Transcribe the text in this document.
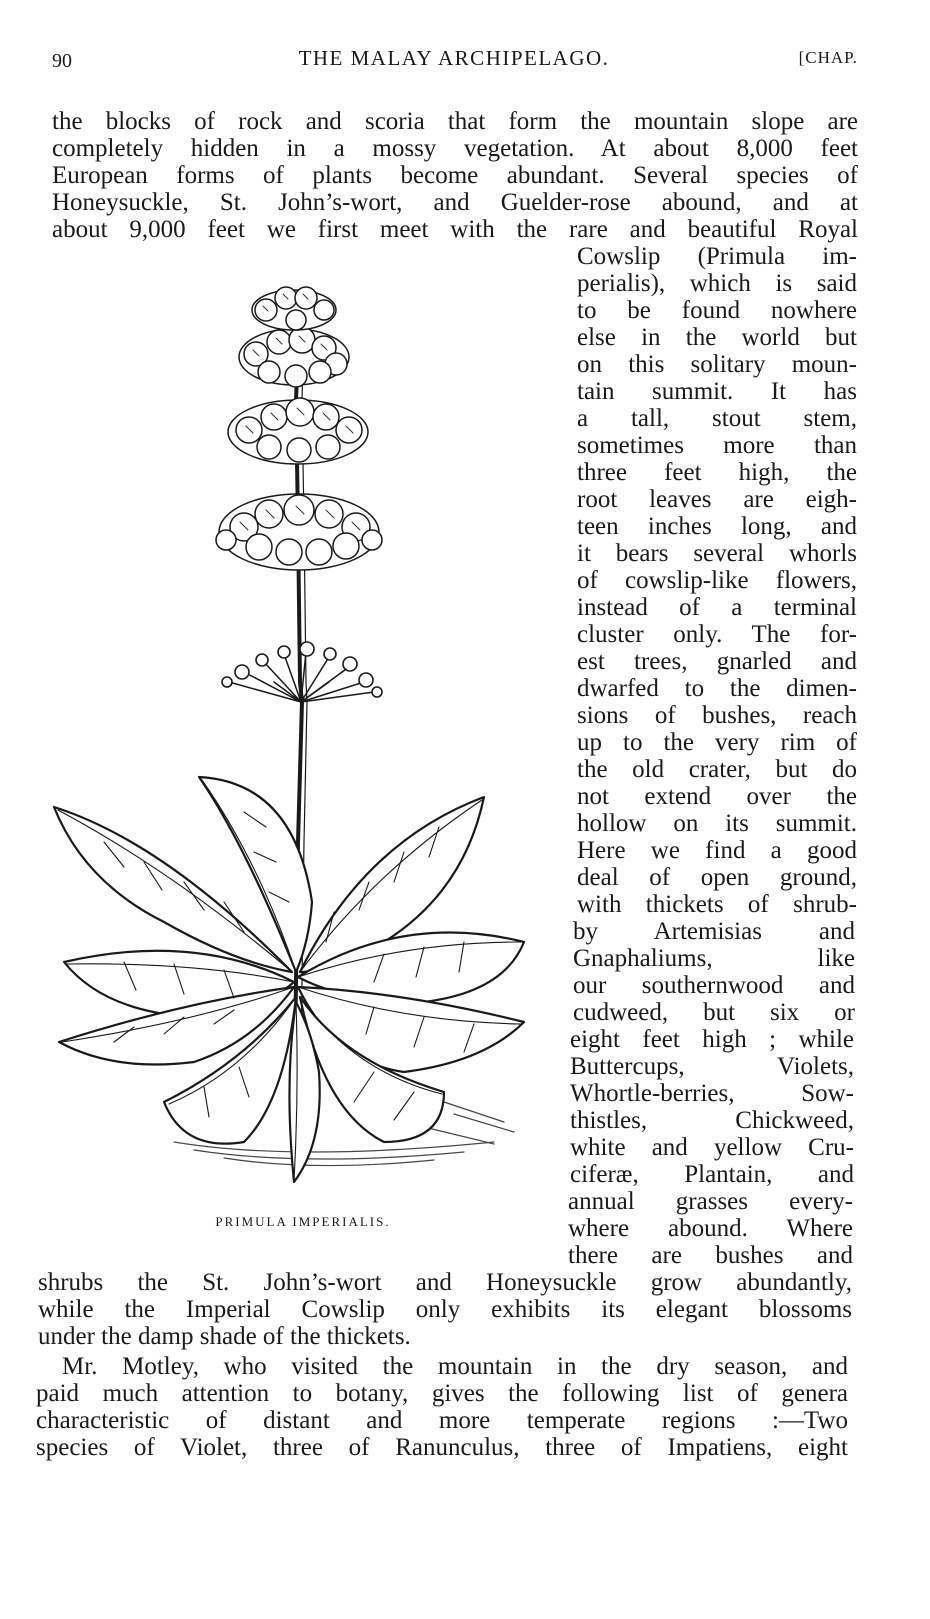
90	THE MALAY ARCHIPELAGO.	[CHAP.
the blocks of rock and scoria that form the mountain slope are
completely hidden in a mossy vegetation. At about 8,000 feet
European forms of plants become abundant. Several species of
Honeysuckle, St. John’s-wort, and Guelder-rose abound, and at
about 9,000 feet we first meet with the rare and beautiful Royal
Cowslip (Primula im-
perialis), which is said
to be found nowhere
else in the world but
on this solitary moun-
tain summit. It has
a tall, stout stem,
sometimes more than
three feet high, the
root leaves are eigh-
teen inches long, and
it bears several whorls
of cowslip-like flowers,
instead of a terminal
cluster only. The for-
est trees, gnarled and
dwarfed to the dimen-
sions of bushes, reach
up to the very rim of
the old crater, but do
not extend over the
hollow on its summit.
Here we find a good
deal of open ground,
with thickets of shrub-
by Artemisias and
Gnaphaliums, like
our southernwood and
cudweed, but six or
eight feet high ; while
Buttercups, Violets,
Whortle-berries, Sow-
thistles, Chickweed,
white and yellow Cru-
ciferæ, Plantain, and
annual grasses every-
where abound. Where
there are bushes and
shrubs the St. John’s-wort and Honeysuckle grow abundantly,
while the Imperial Cowslip only exhibits its elegant blossoms
under the damp shade of the thickets.
Mr. Motley, who visited the mountain in the dry season, and
paid much attention to botany, gives the following list of genera
characteristic of distant and more temperate regions :—Two
species of Violet, three of Ranunculus, three of Impatiens, eight
PRIMULA IMPERIALIS.
